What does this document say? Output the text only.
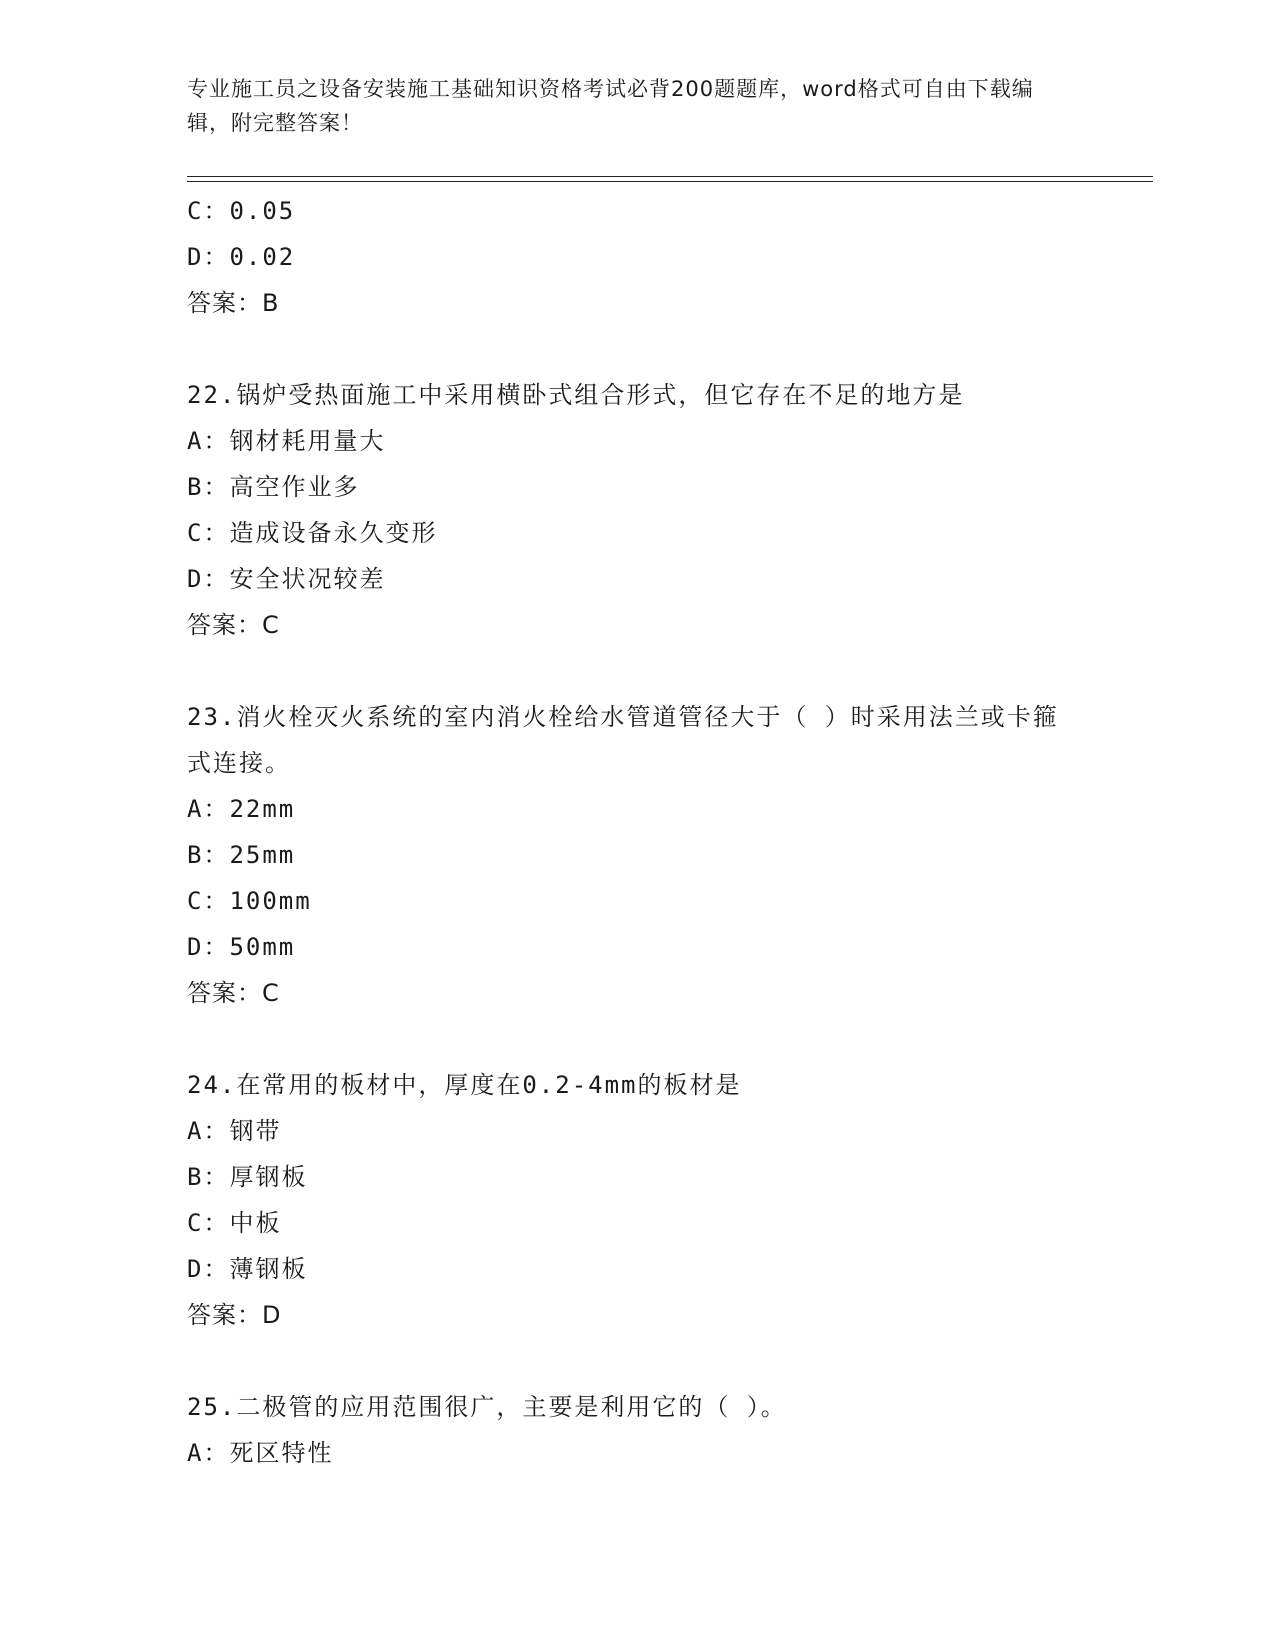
专业施工员之设备安装施工基础知识资格考试必背200题题库，word格式可自由下载编辑，附完整答案！
C：0.05
D：0.02
答案：B
22.锅炉受热面施工中采用横卧式组合形式，但它存在不足的地方是
A：钢材耗用量大
B：高空作业多
C：造成设备永久变形
D：安全状况较差
答案：C
23.消火栓灭火系统的室内消火栓给水管道管径大于（ ）时采用法兰或卡箍式连接。
A：22mm
B：25mm
C：100mm
D：50mm
答案：C
24.在常用的板材中，厚度在0.2-4mm的板材是
A：钢带
B：厚钢板
C：中板
D：薄钢板
答案：D
25.二极管的应用范围很广，主要是利用它的（ ）。
A：死区特性
